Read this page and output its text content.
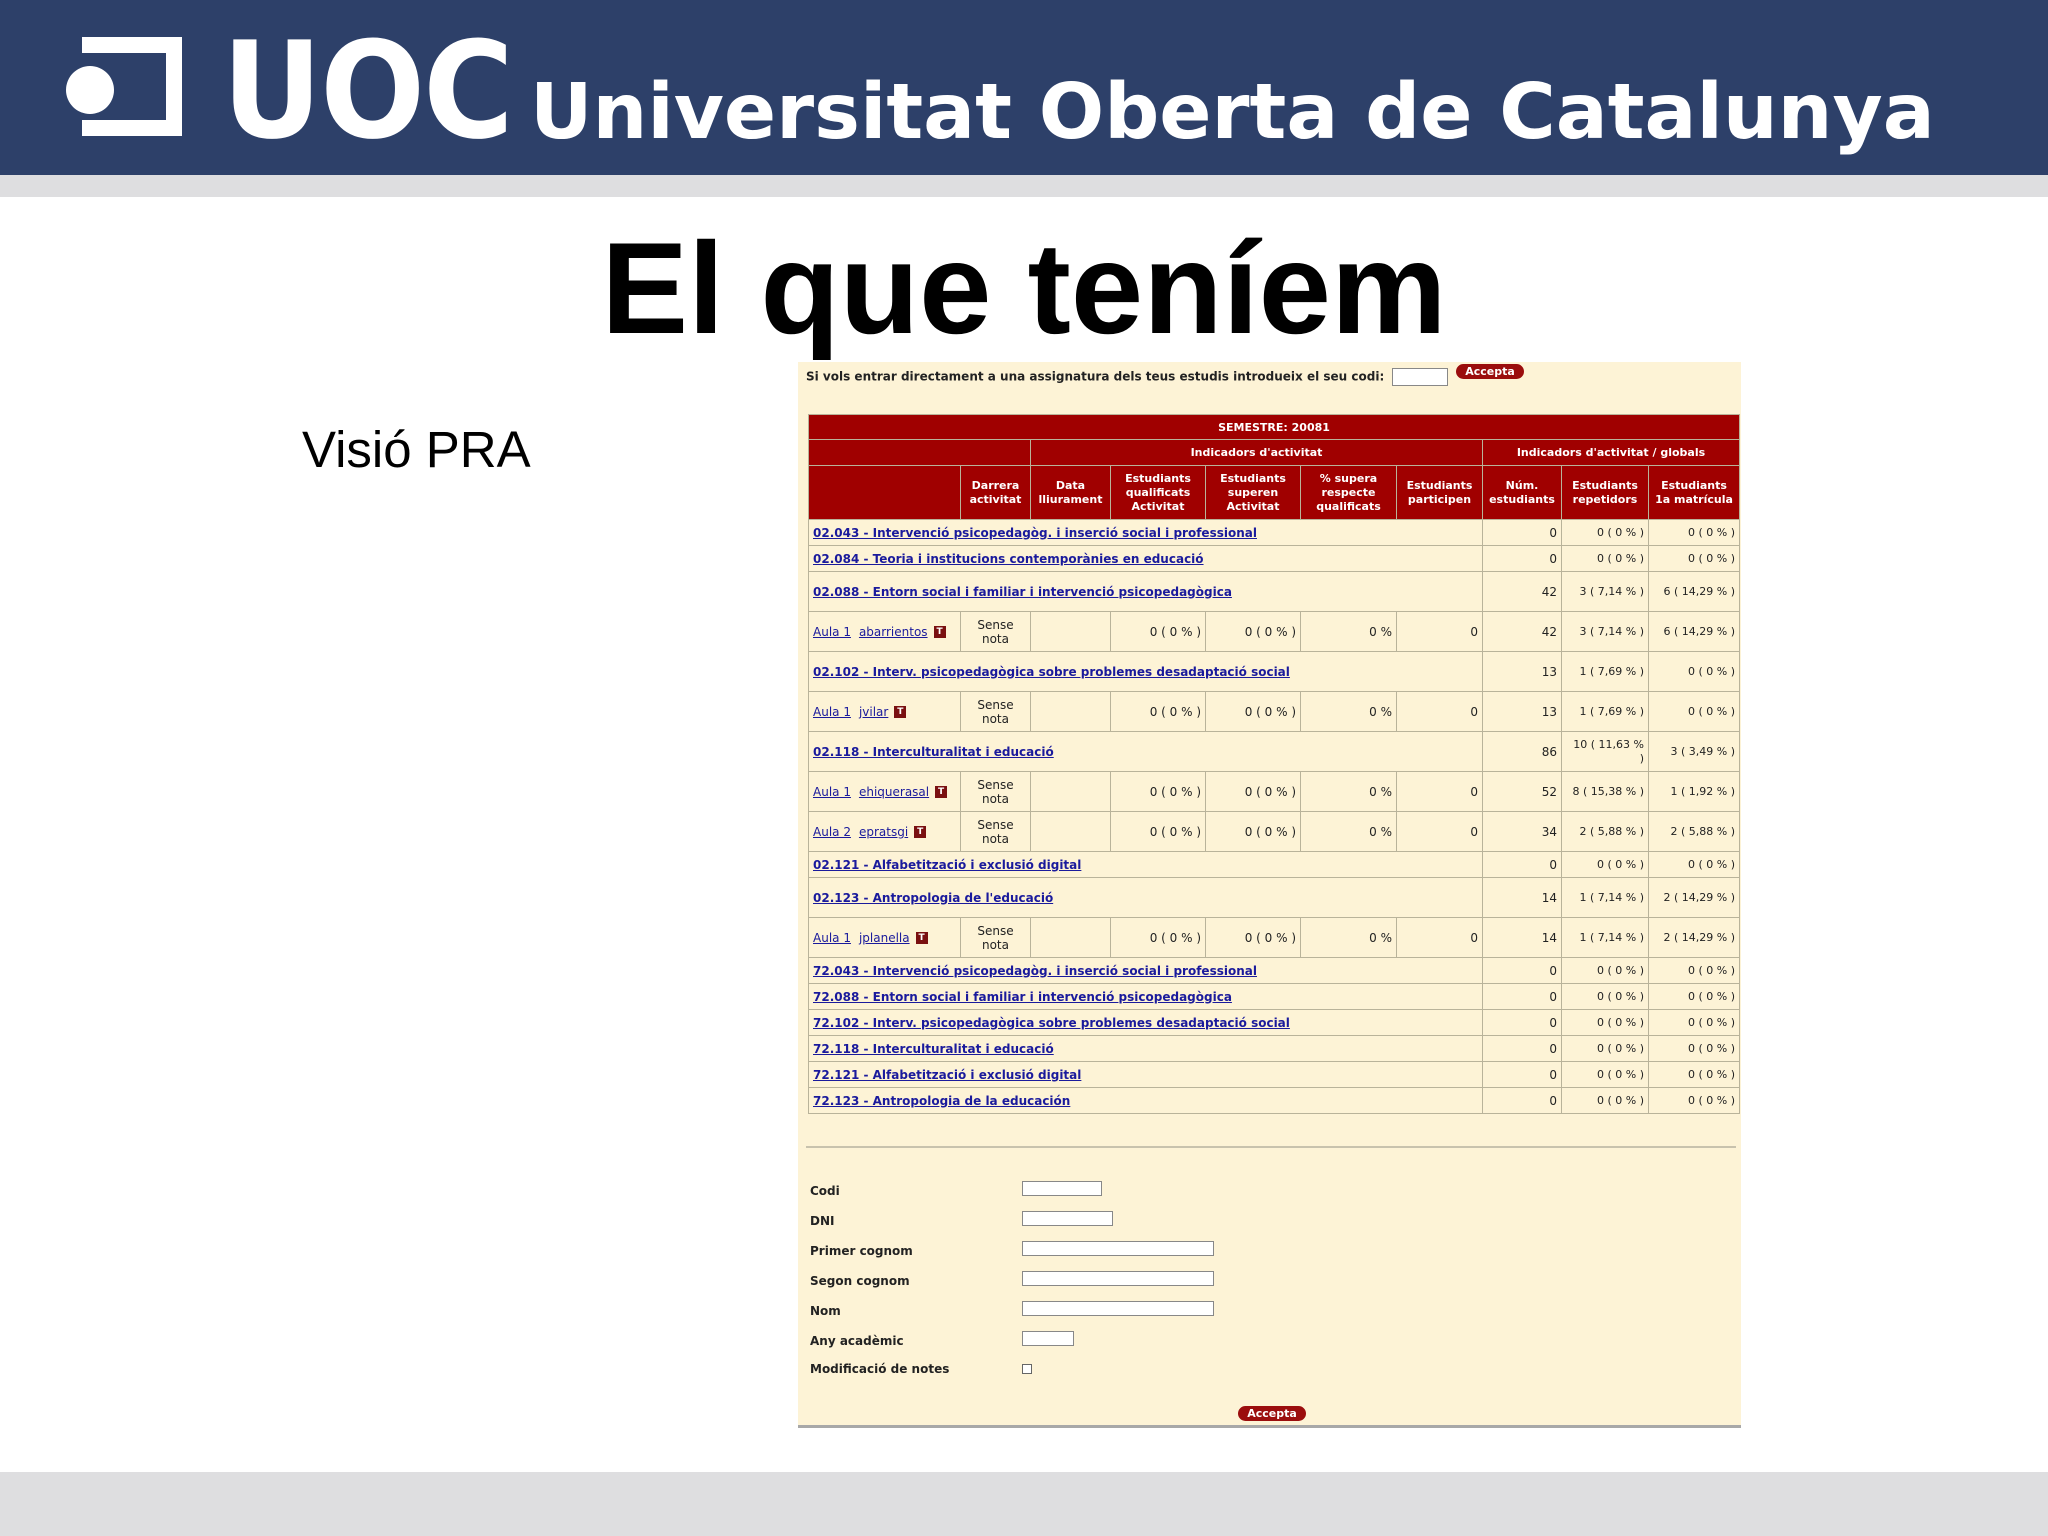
UOC Universitat Oberta de Catalunya
El que teníem
Visió PRA
Si vols entrar directament a una assignatura dels teus estudis introdueix el seu codi:	Accepta
SEMESTRE: 20081									
		Indicadors d'activitat					Indicadors d'activitat / globals		
	Darrera activitat	Data lliurament	Estudiants qualificats Activitat	Estudiants superen Activitat	% supera respecte qualificats	Estudiants participen	Núm. estudiants	Estudiants repetidors	Estudiants 1a matrícula
02.043 - Intervenció psicopedagòg. i inserció social i professional							0	0 ( 0 % )	0 ( 0 % )
02.084 - Teoria i institucions contemporànies en educació							0	0 ( 0 % )	0 ( 0 % )
02.088 - Entorn social i familiar i intervenció psicopedagògica							42	3 ( 7,14 % )	6 ( 14,29 % )
Aula 1 abarrientos T	Sense nota		0 ( 0 % )	0 ( 0 % )	0 %	0	42	3 ( 7,14 % )	6 ( 14,29 % )
02.102 - Interv. psicopedagògica sobre problemes desadaptació social							13	1 ( 7,69 % )	0 ( 0 % )
Aula 1 jvilar T	Sense nota		0 ( 0 % )	0 ( 0 % )	0 %	0	13	1 ( 7,69 % )	0 ( 0 % )
02.118 - Interculturalitat i educació							86	10 ( 11,63 % )	3 ( 3,49 % )
Aula 1 ehiquerasal T	Sense nota		0 ( 0 % )	0 ( 0 % )	0 %	0	52	8 ( 15,38 % )	1 ( 1,92 % )
Aula 2 epratsgi T	Sense nota		0 ( 0 % )	0 ( 0 % )	0 %	0	34	2 ( 5,88 % )	2 ( 5,88 % )
02.121 - Alfabetització i exclusió digital							0	0 ( 0 % )	0 ( 0 % )
02.123 - Antropologia de l'educació							14	1 ( 7,14 % )	2 ( 14,29 % )
Aula 1 jplanella T	Sense nota		0 ( 0 % )	0 ( 0 % )	0 %	0	14	1 ( 7,14 % )	2 ( 14,29 % )
72.043 - Intervenció psicopedagòg. i inserció social i professional							0	0 ( 0 % )	0 ( 0 % )
72.088 - Entorn social i familiar i intervenció psicopedagògica							0	0 ( 0 % )	0 ( 0 % )
72.102 - Interv. psicopedagògica sobre problemes desadaptació social							0	0 ( 0 % )	0 ( 0 % )
72.118 - Interculturalitat i educació							0	0 ( 0 % )	0 ( 0 % )
72.121 - Alfabetització i exclusió digital							0	0 ( 0 % )	0 ( 0 % )
72.123 - Antropologia de la educación							0	0 ( 0 % )	0 ( 0 % )
Codi
DNI
Primer cognom
Segon cognom
Nom
Any acadèmic
Modificació de notes
Accepta
